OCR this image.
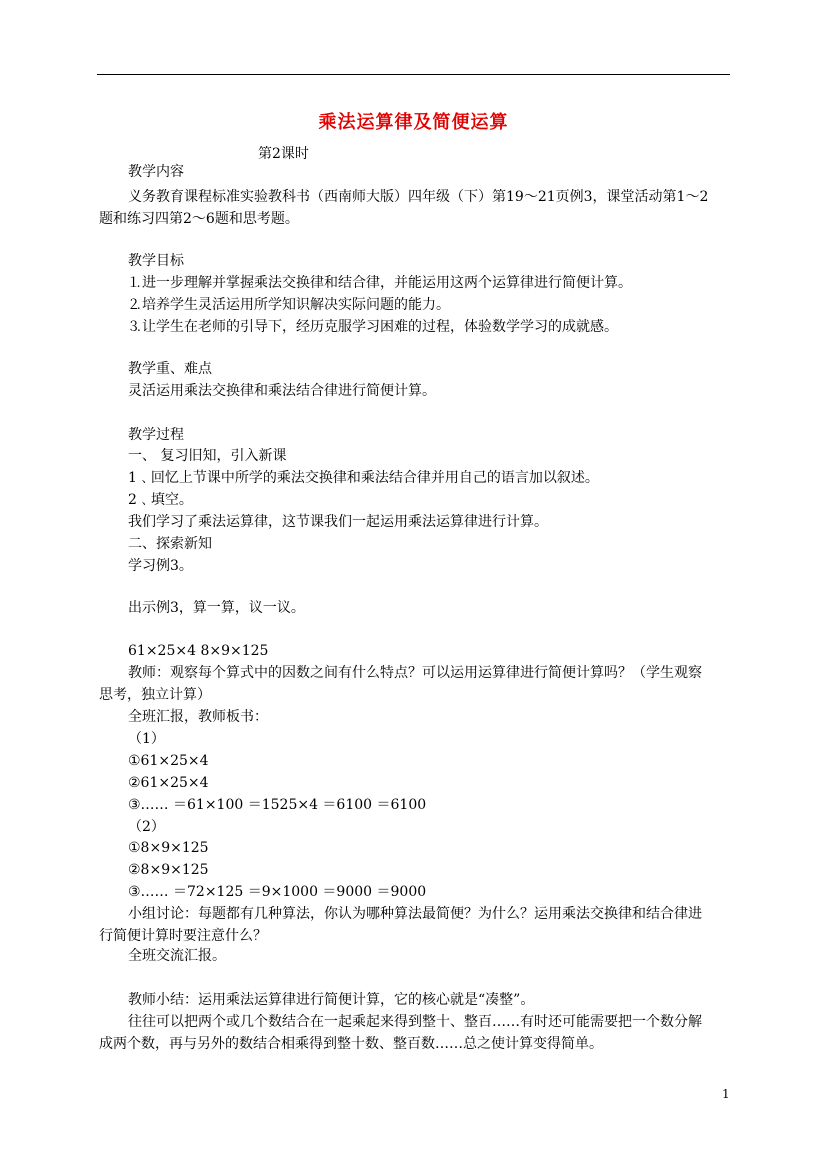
乘法运算律及简便运算
第2课时
教学内容
义务教育课程标准实验教科书（西南师大版）四年级（下）第19～21页例3，课堂活动第1～2
题和练习四第2～6题和思考题。
教学目标
⒈进一步理解并掌握乘法交换律和结合律，并能运用这两个运算律进行简便计算。
⒉培养学生灵活运用所学知识解决实际问题的能力。
⒊让学生在老师的引导下，经历克服学习困难的过程，体验数学学习的成就感。
教学重、难点
灵活运用乘法交换律和乘法结合律进行简便计算。
教学过程
一、 复习旧知，引入新课
1﹑回忆上节课中所学的乘法交换律和乘法结合律并用自己的语言加以叙述。
2﹑填空。
我们学习了乘法运算律，这节课我们一起运用乘法运算律进行计算。
二、探索新知
学习例3。
出示例3，算一算，议一议。
61×25×4 8×9×125
教师：观察每个算式中的因数之间有什么特点？可以运用运算律进行简便计算吗？（学生观察
思考，独立计算）
全班汇报，教师板书：
（1）
①61×25×4
②61×25×4
③…… ＝61×100 ＝1525×4 ＝6100 ＝6100
（2）
①8×9×125
②8×9×125
③…… ＝72×125 ＝9×1000 ＝9000 ＝9000
小组讨论：每题都有几种算法，你认为哪种算法最简便？为什么？运用乘法交换律和结合律进
行简便计算时要注意什么？
全班交流汇报。
教师小结：运用乘法运算律进行简便计算，它的核心就是“凑整”。
往往可以把两个或几个数结合在一起乘起来得到整十、整百……有时还可能需要把一个数分解
成两个数，再与另外的数结合相乘得到整十数、整百数……总之使计算变得简单。
1
